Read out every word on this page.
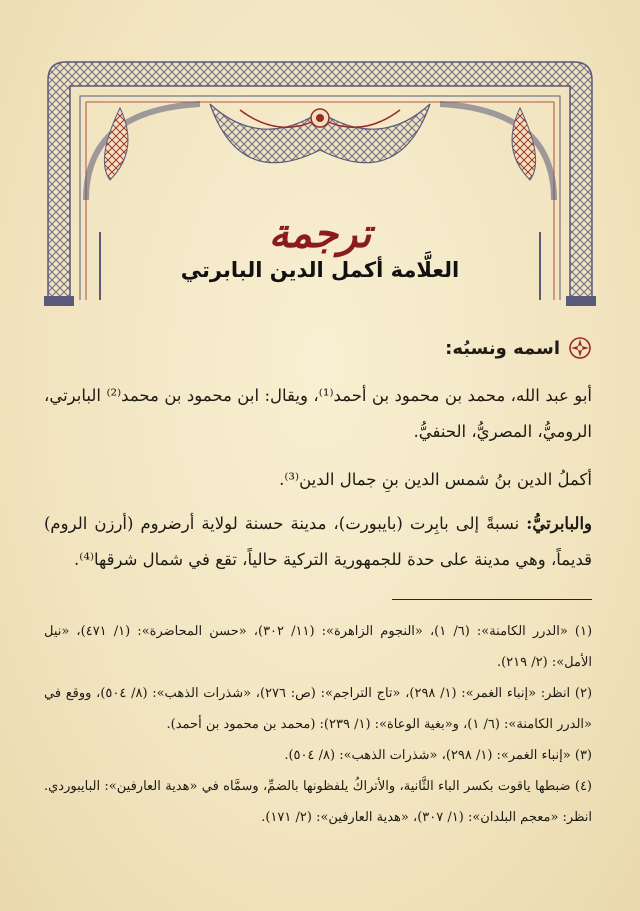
ترجمة
العلَّامة أكمل الدين البابرتي
اسمه ونسبُه:
أبو عبد الله، محمد بن محمود بن أحمد⁽¹⁾، ويقال: ابن محمود بن محمد⁽²⁾ البابرتي، الروميُّ، المصريُّ، الحنفيُّ.
أكملُ الدين بنُ شمس الدين بنِ جمال الدين⁽³⁾.
والبابرتيُّ: نسبةً إلى بابِرت (بايبورت)، مدينة حسنة لولاية أرضروم (أرزن الروم) قديماً، وهي مدينة على حدة للجمهورية التركية حالياً، تقع في شمال شرقها⁽⁴⁾.
(١) «الدرر الكامنة»: (٦/ ١)، «النجوم الزاهرة»: (١١/ ٣٠٢)، «حسن المحاضرة»: (١/ ٤٧١)، «نيل الأمل»: (٢/ ٢١٩).
(٢) انظر: «إنباء الغمر»: (١/ ٢٩٨)، «تاج التراجم»: (ص: ٢٧٦)، «شذرات الذهب»: (٨/ ٥٠٤)، ووقع في «الدرر الكامنة»: (٦/ ١)، و«بغية الوعاة»: (١/ ٢٣٩): (محمد بن محمود بن أحمد).
(٣) «إنباء الغمر»: (١/ ٢٩٨)، «شذرات الذهب»: (٨/ ٥٠٤).
(٤) ضبطها ياقوت بكسر الباء الثَّانية، والأتراكُ يلفظونها بالضمِّ، وسمَّاه في «هدية العارفين»: البايبوردي. انظر: «معجم البلدان»: (١/ ٣٠٧)، «هدية العارفين»: (٢/ ١٧١).
